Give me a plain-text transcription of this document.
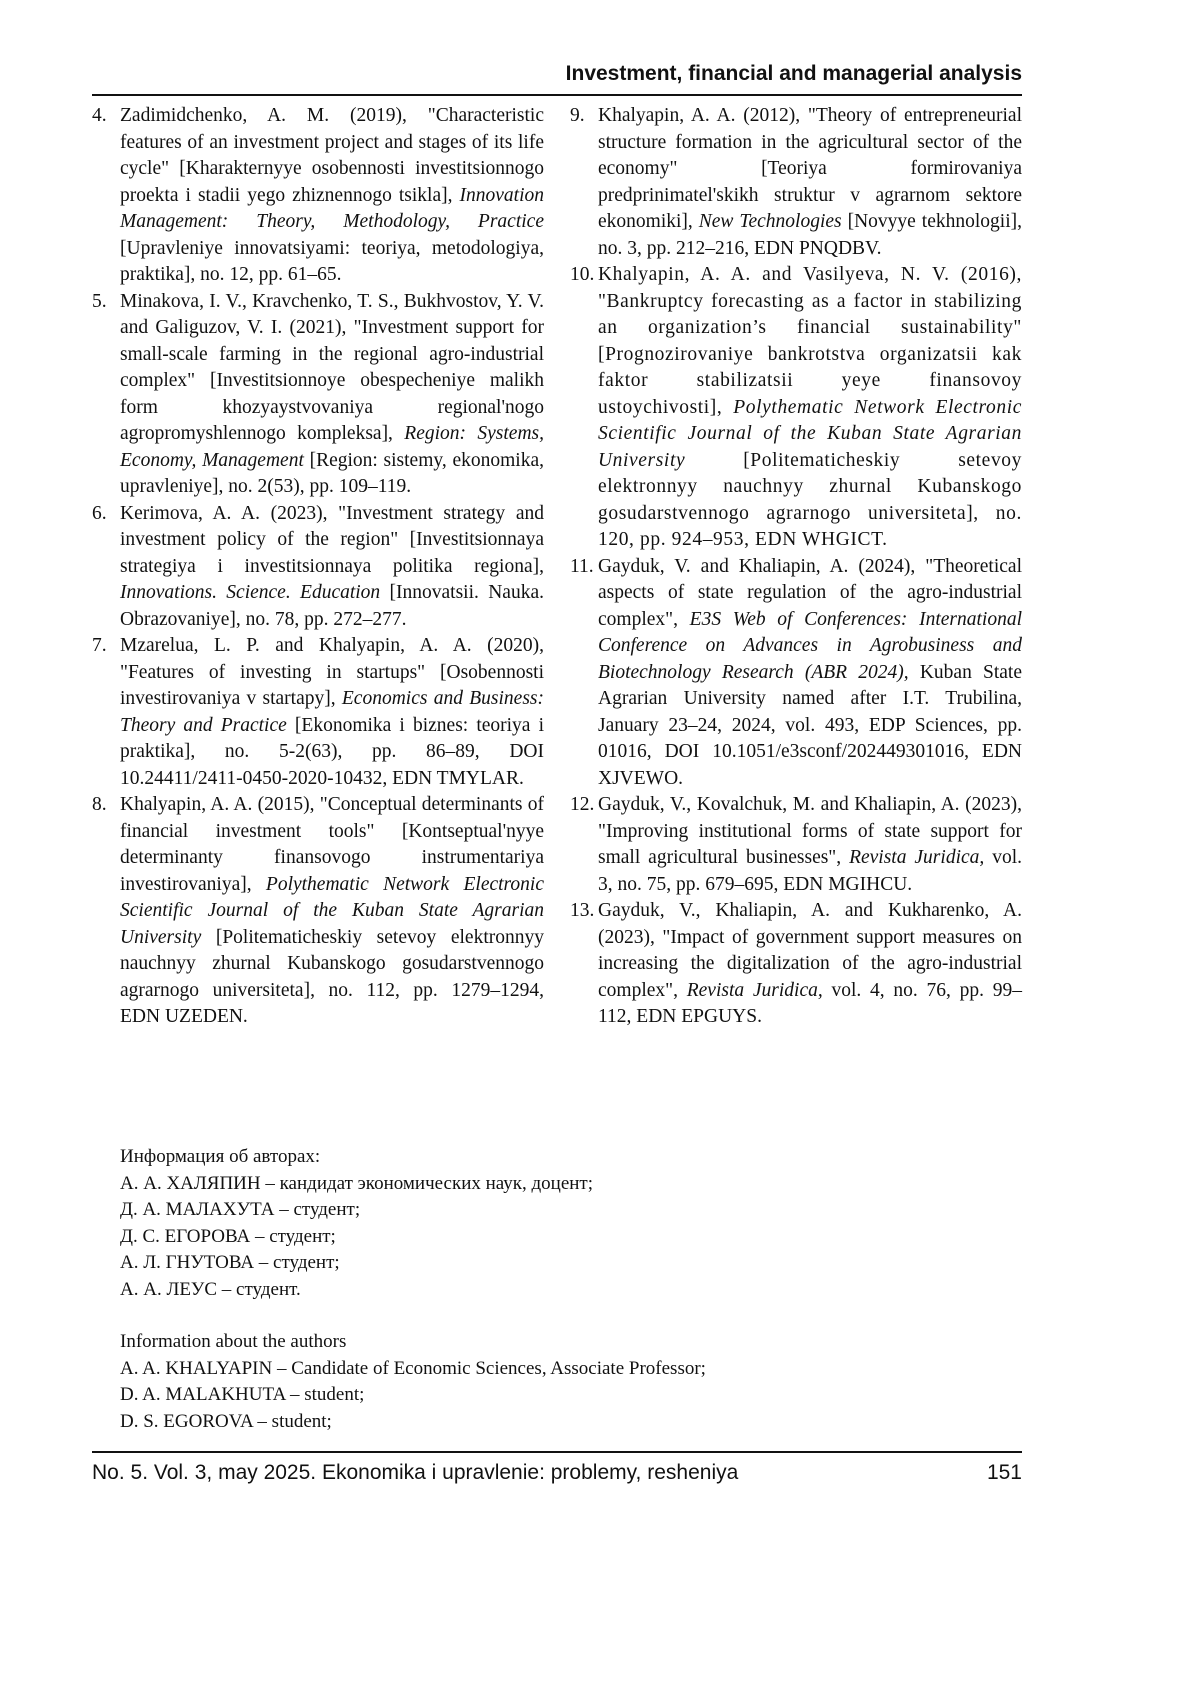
Investment, financial and managerial analysis
4. Zadimidchenko, A. M. (2019), "Characteristic features of an investment project and stages of its life cycle" [Kharakternyye osobennosti investitsionnogo proekta i stadii yego zhiznennogo tsikla], Innovation Management: Theory, Methodology, Practice [Upravleniye innovatsiyami: teoriya, metodologiya, praktika], no. 12, pp. 61–65.
5. Minakova, I. V., Kravchenko, T. S., Bukhvostov, Y. V. and Galiguzov, V. I. (2021), "Investment support for small-scale farming in the regional agro-industrial complex" [Investitsionnoye obespecheniye malikh form khozyaystvovaniya regional'nogo agropromyshlennogo kompleksa], Region: Systems, Economy, Management [Region: sistemy, ekonomika, upravleniye], no. 2(53), pp. 109–119.
6. Kerimova, A. A. (2023), "Investment strategy and investment policy of the region" [Investitsionnaya strategiya i investitsionnaya politika regiona], Innovations. Science. Education [Innovatsii. Nauka. Obrazovaniye], no. 78, pp. 272–277.
7. Mzarelua, L. P. and Khalyapin, A. A. (2020), "Features of investing in startups" [Osobennosti investirovaniya v startapy], Economics and Business: Theory and Practice [Ekonomika i biznes: teoriya i praktika], no. 5-2(63), pp. 86–89, DOI 10.24411/2411-0450-2020-10432, EDN TMYLAR.
8. Khalyapin, A. A. (2015), "Conceptual determinants of financial investment tools" [Kontseptual'nyye determinanty finansovogo instrumentariya investirovaniya], Polythematic Network Electronic Scientific Journal of the Kuban State Agrarian University [Politematicheskiy setevoy elektronnyy nauchnyy zhurnal Kubanskogo gosudarstvennogo agrarnogo universiteta], no. 112, pp. 1279–1294, EDN UZEDEN.
9. Khalyapin, A. A. (2012), "Theory of entrepreneurial structure formation in the agricultural sector of the economy" [Teoriya formirovaniya predprinimatel'skikh struktur v agrarnom sektore ekonomiki], New Technologies [Novyye tekhnologii], no. 3, pp. 212–216, EDN PNQDBV.
10. Khalyapin, A. A. and Vasilyeva, N. V. (2016), "Bankruptcy forecasting as a factor in stabilizing an organization’s financial sustainability" [Prognozirovaniye bankrotstva organizatsii kak faktor stabilizatsii yeye finansovoy ustoychivosti], Polythematic Network Electronic Scientific Journal of the Kuban State Agrarian University [Politematicheskiy setevoy elektronnyy nauchnyy zhurnal Kubanskogo gosudarstvennogo agrarnogo universiteta], no. 120, pp. 924–953, EDN WHGICT.
11. Gayduk, V. and Khaliapin, A. (2024), "Theoretical aspects of state regulation of the agro-industrial complex", E3S Web of Conferences: International Conference on Advances in Agrobusiness and Biotechnology Research (ABR 2024), Kuban State Agrarian University named after I.T. Trubilina, January 23–24, 2024, vol. 493, EDP Sciences, pp. 01016, DOI 10.1051/e3sconf/202449301016, EDN XJVEWO.
12. Gayduk, V., Kovalchuk, M. and Khaliapin, A. (2023), "Improving institutional forms of state support for small agricultural businesses", Revista Juridica, vol. 3, no. 75, pp. 679–695, EDN MGIHCU.
13. Gayduk, V., Khaliapin, A. and Kukharenko, A. (2023), "Impact of government support measures on increasing the digitalization of the agro-industrial complex", Revista Juridica, vol. 4, no. 76, pp. 99–112, EDN EPGUYS.
Информация об авторах:
А. А. ХАЛЯПИН – кандидат экономических наук, доцент;
Д. А. МАЛАХУТА – студент;
Д. С. ЕГОРОВА – студент;
А. Л. ГНУТОВА – студент;
А. А. ЛЕУС – студент.
Information about the authors
A. A. KHALYAPIN – Candidate of Economic Sciences, Associate Professor;
D. A. MALAKHUTA – student;
D. S. EGOROVA – student;
No. 5. Vol. 3, may 2025. Ekonomika i upravlenie: problemy, resheniya	151
